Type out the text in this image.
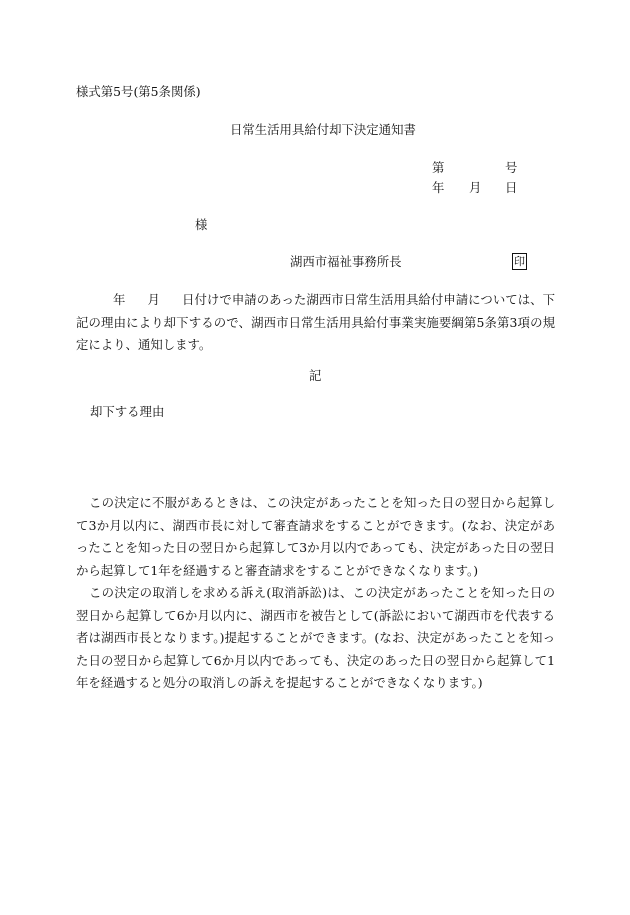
様式第5号(第5条関係)
日常生活用具給付却下決定通知書
第	号
年 月 日
様
湖西市福祉事務所長	印

年 月 日付けで申請のあった湖西市日常生活用具給付申請については、下記の理由により却下するので、湖西市日常生活用具給付事業実施要綱第5条第3項の規定により、通知します。

記
却下する理由

この決定に不服があるときは、この決定があったことを知った日の翌日から起算して3か月以内に、湖西市長に対して審査請求をすることができます。(なお、決定があったことを知った日の翌日から起算して3か月以内であっても、決定があった日の翌日から起算して1年を経過すると審査請求をすることができなくなります。)

この決定の取消しを求める訴え(取消訴訟)は、この決定があったことを知った日の翌日から起算して6か月以内に、湖西市を被告として(訴訟において湖西市を代表する者は湖西市長となります。)提起することができます。(なお、決定があったことを知った日の翌日から起算して6か月以内であっても、決定のあった日の翌日から起算して1年を経過すると処分の取消しの訴えを提起することができなくなります。)
